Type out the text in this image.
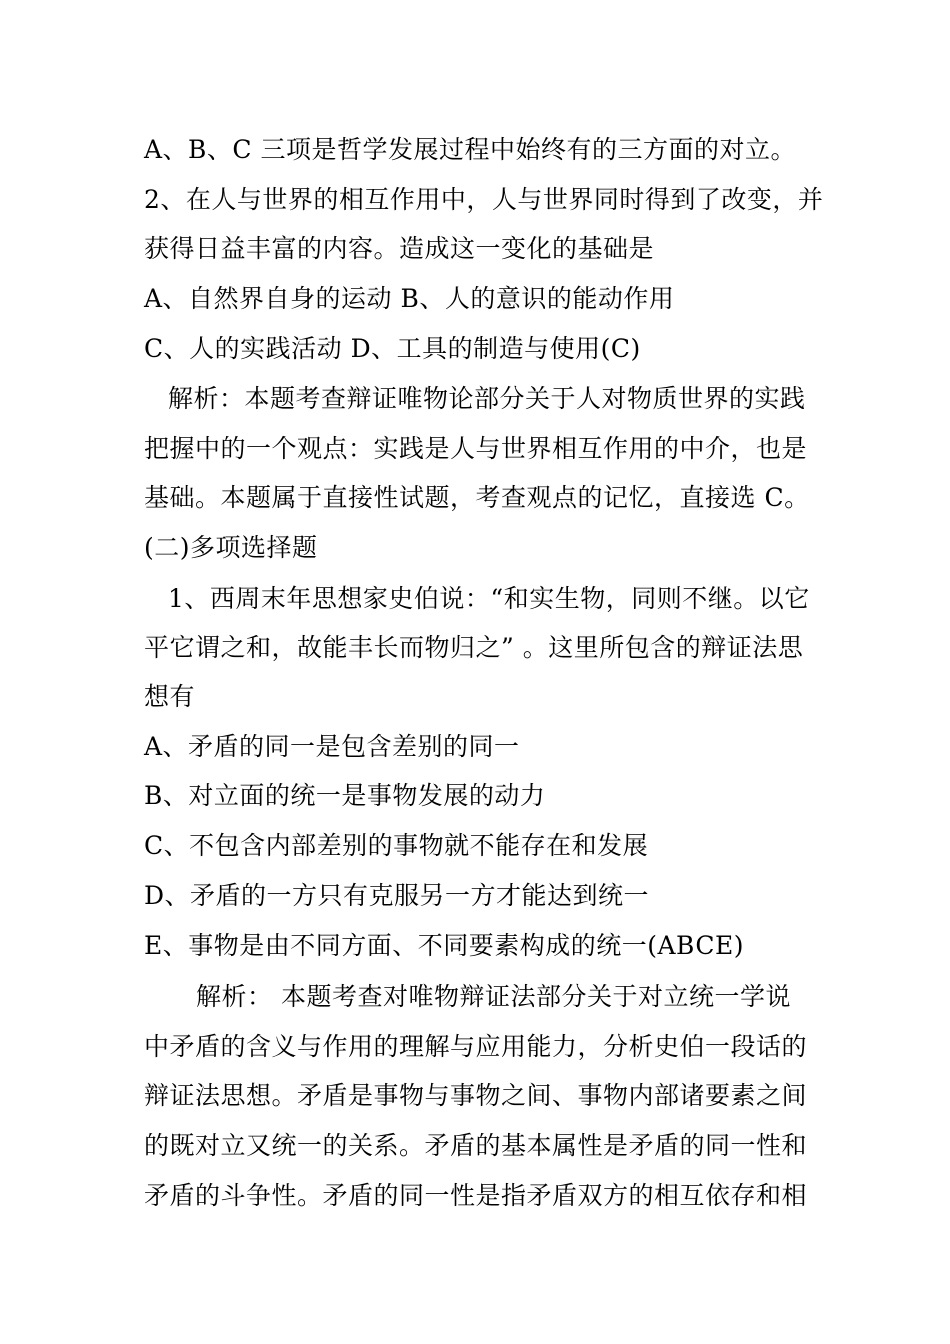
A、B、C 三项是哲学发展过程中始终有的三方面的对立。
2、在人与世界的相互作用中，人与世界同时得到了改变，并
获得日益丰富的内容。造成这一变化的基础是
A、自然界自身的运动 B、人的意识的能动作用
C、人的实践活动 D、工具的制造与使用(C)
解析：本题考查辩证唯物论部分关于人对物质世界的实践
把握中的一个观点：实践是人与世界相互作用的中介，也是
基础。本题属于直接性试题，考查观点的记忆，直接选 C。
(二)多项选择题
1、西周末年思想家史伯说：“和实生物，同则不继。以它
平它谓之和，故能丰长而物归之” 。这里所包含的辩证法思
想有
A、矛盾的同一是包含差别的同一
B、对立面的统一是事物发展的动力
C、不包含内部差别的事物就不能存在和发展
D、矛盾的一方只有克服另一方才能达到统一
E、事物是由不同方面、不同要素构成的统一(ABCE)
解析： 本题考查对唯物辩证法部分关于对立统一学说
中矛盾的含义与作用的理解与应用能力，分析史伯一段话的
辩证法思想。矛盾是事物与事物之间、事物内部诸要素之间
的既对立又统一的关系。矛盾的基本属性是矛盾的同一性和
矛盾的斗争性。矛盾的同一性是指矛盾双方的相互依存和相
